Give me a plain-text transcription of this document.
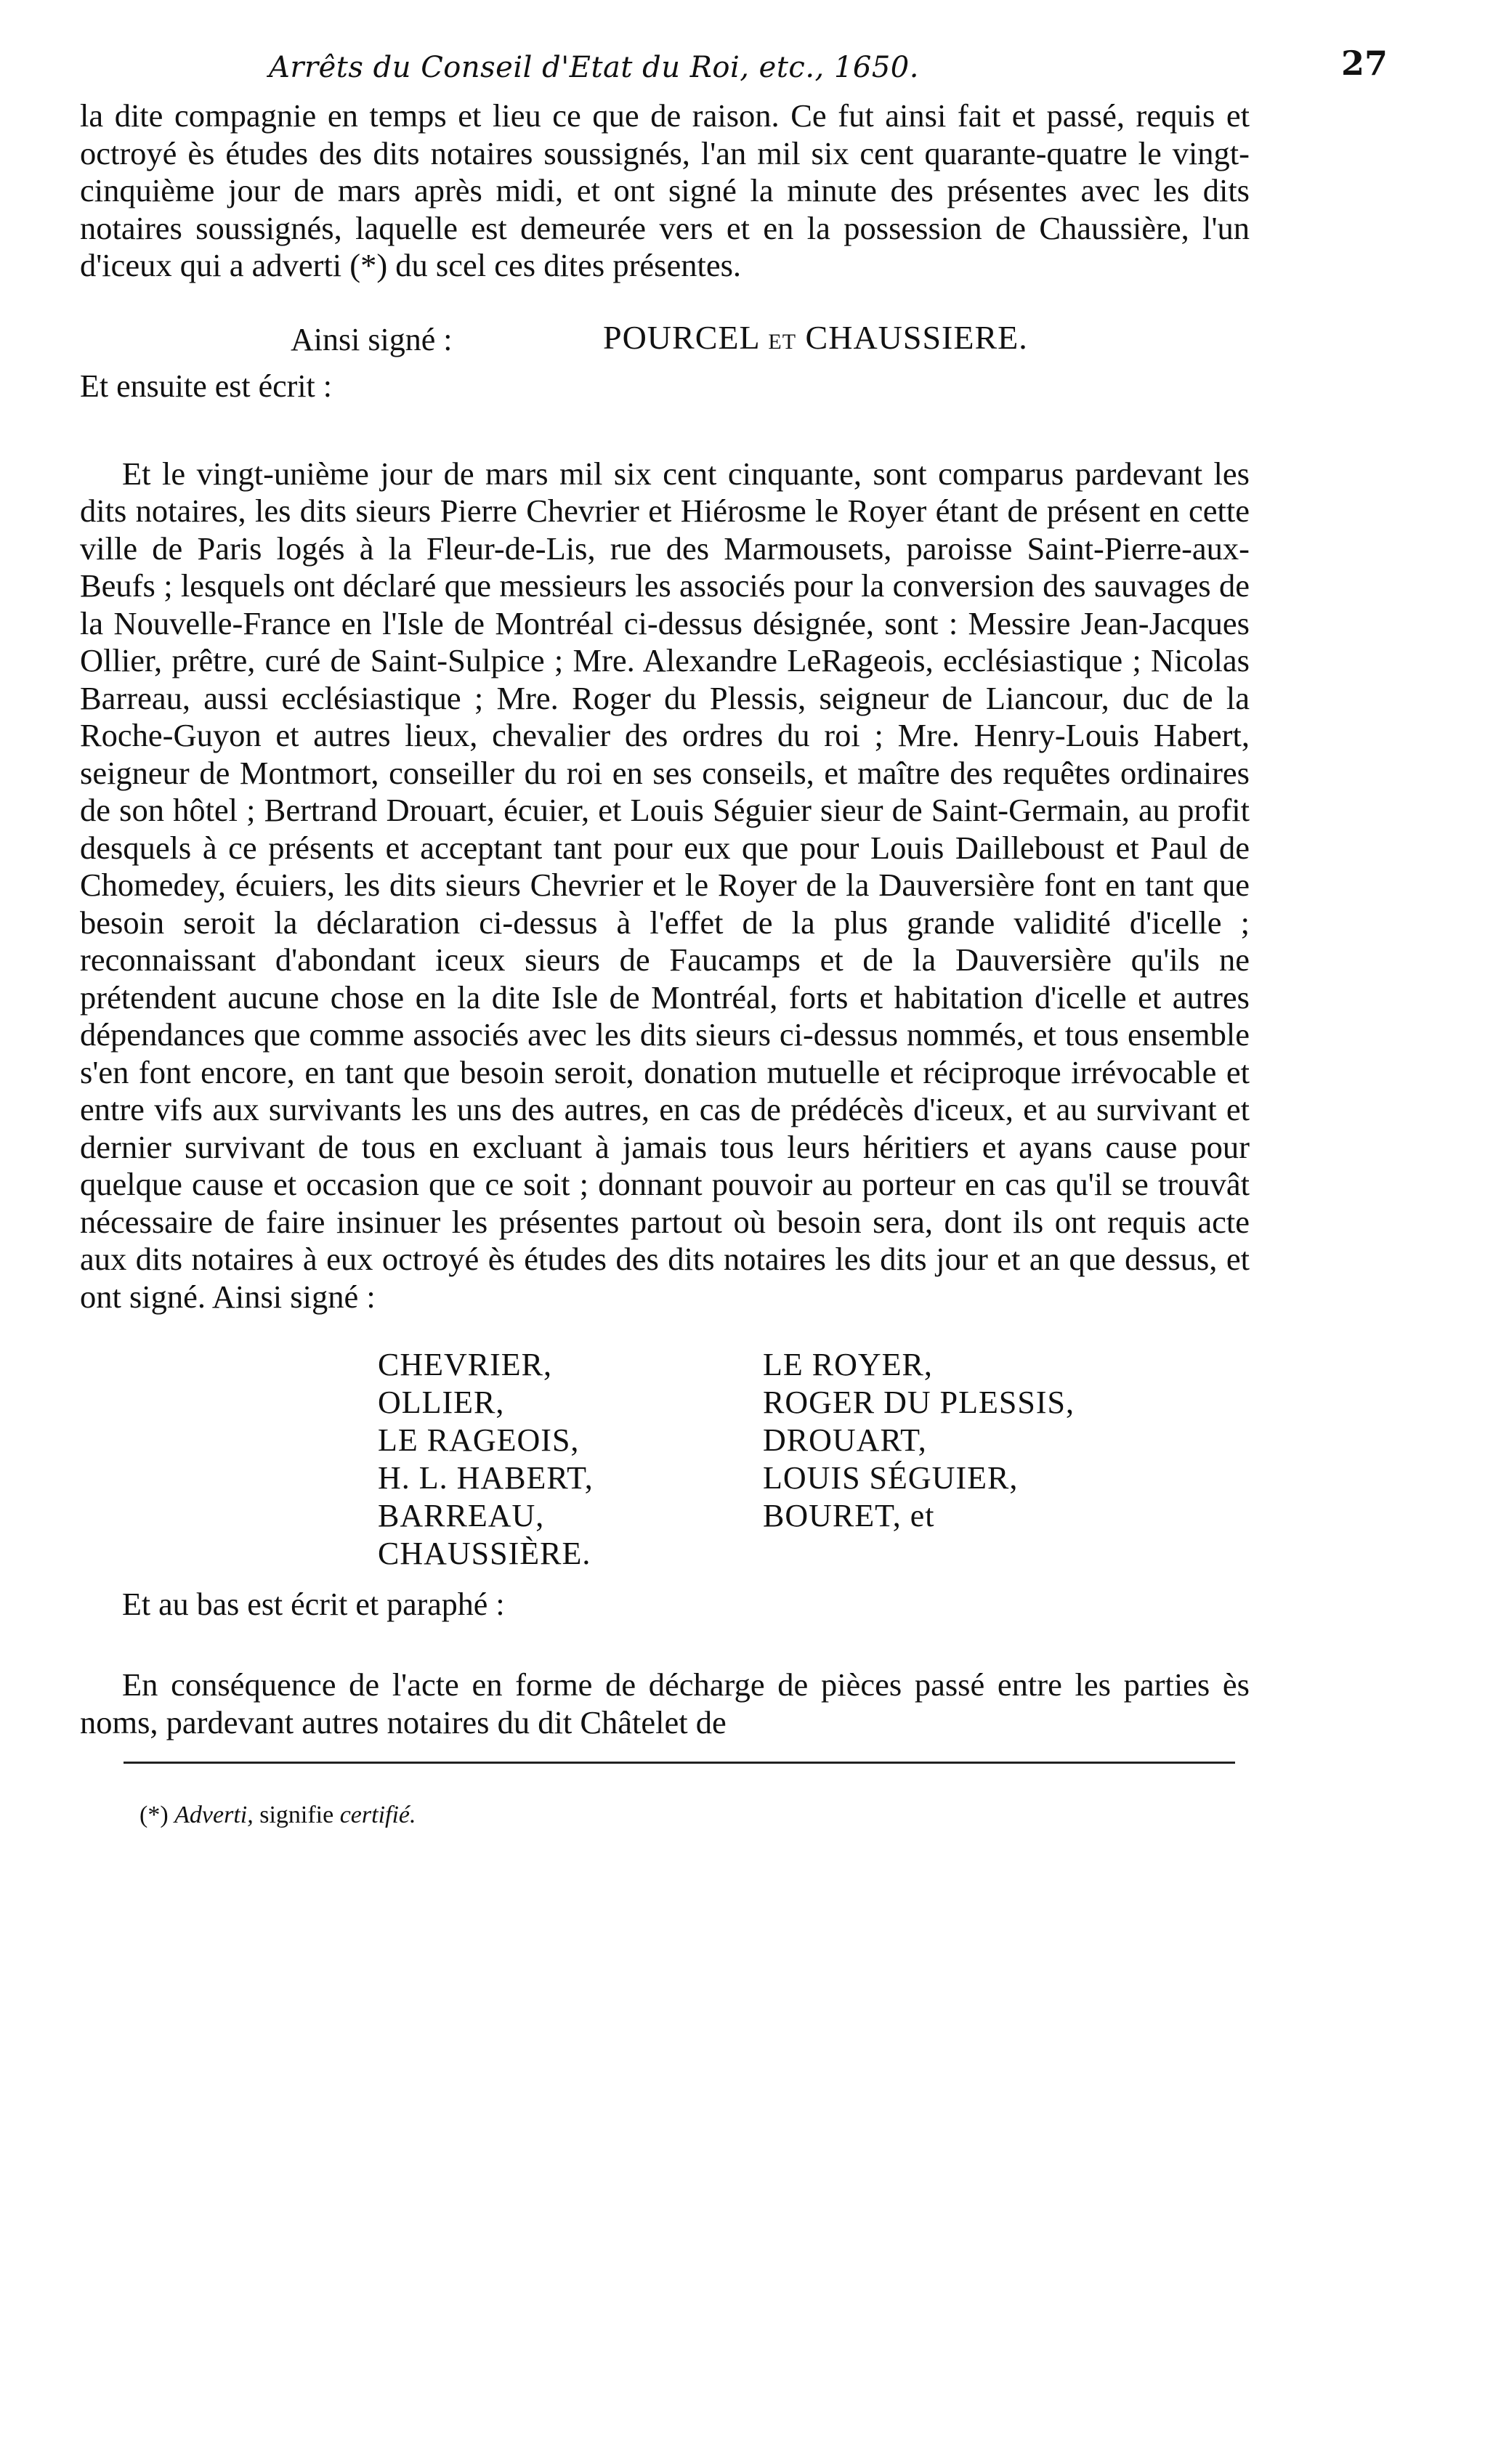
Arrêts du Conseil d'Etat du Roi, etc., 1650.	27

la dite compagnie en temps et lieu ce que de raison. Ce fut ainsi fait et passé, requis et octroyé ès études des dits notaires soussignés, l'an mil six cent quarante-quatre le vingt-cinquième jour de mars après midi, et ont signé la minute des présentes avec les dits notaires soussignés, laquelle est demeurée vers et en la possession de Chaussière, l'un d'iceux qui a adverti (*) du scel ces dites présentes.

Ainsi signé :	POURCEL ET CHAUSSIERE.

Et ensuite est écrit :

Et le vingt-unième jour de mars mil six cent cinquante, sont comparus pardevant les dits notaires, les dits sieurs Pierre Chevrier et Hiérosme le Royer étant de présent en cette ville de Paris logés à la Fleur-de-Lis, rue des Marmousets, paroisse Saint-Pierre-aux-Beufs ; lesquels ont déclaré que messieurs les associés pour la conversion des sauvages de la Nouvelle-France en l'Isle de Montréal ci-dessus désignée, sont : Messire Jean-Jacques Ollier, prêtre, curé de Saint-Sulpice ; Mre. Alexandre LeRageois, ecclésiastique ; Nicolas Barreau, aussi ecclésiastique ; Mre. Roger du Plessis, seigneur de Liancour, duc de la Roche-Guyon et autres lieux, chevalier des ordres du roi ; Mre. Henry-Louis Habert, seigneur de Montmort, conseiller du roi en ses conseils, et maître des requêtes ordinaires de son hôtel ; Bertrand Drouart, écuier, et Louis Séguier sieur de Saint-Germain, au profit desquels à ce présents et acceptant tant pour eux que pour Louis Dailleboust et Paul de Chomedey, écuiers, les dits sieurs Chevrier et le Royer de la Dauversière font en tant que besoin seroit la déclaration ci-dessus à l'effet de la plus grande validité d'icelle ; reconnaissant d'abondant iceux sieurs de Faucamps et de la Dauversière qu'ils ne prétendent aucune chose en la dite Isle de Montréal, forts et habitation d'icelle et autres dépendances que comme associés avec les dits sieurs ci-dessus nommés, et tous ensemble s'en font encore, en tant que besoin seroit, donation mutuelle et réciproque irrévocable et entre vifs aux survivants les uns des autres, en cas de prédécès d'iceux, et au survivant et dernier survivant de tous en excluant à jamais tous leurs héritiers et ayans cause pour quelque cause et occasion que ce soit ; donnant pouvoir au porteur en cas qu'il se trouvât nécessaire de faire insinuer les présentes partout où besoin sera, dont ils ont requis acte aux dits notaires à eux octroyé ès études des dits notaires les dits jour et an que dessus, et ont signé. Ainsi signé :

CHEVRIER,
OLLIER,
LE RAGEOIS,
H. L. HABERT,
BARREAU,
CHAUSSIÈRE.
LE ROYER,
ROGER DU PLESSIS,
DROUART,
LOUIS SÉGUIER,
BOURET, et

Et au bas est écrit et paraphé :

En conséquence de l'acte en forme de décharge de pièces passé entre les parties ès noms, pardevant autres notaires du dit Châtelet de

(*) Adverti, signifie certifié.
